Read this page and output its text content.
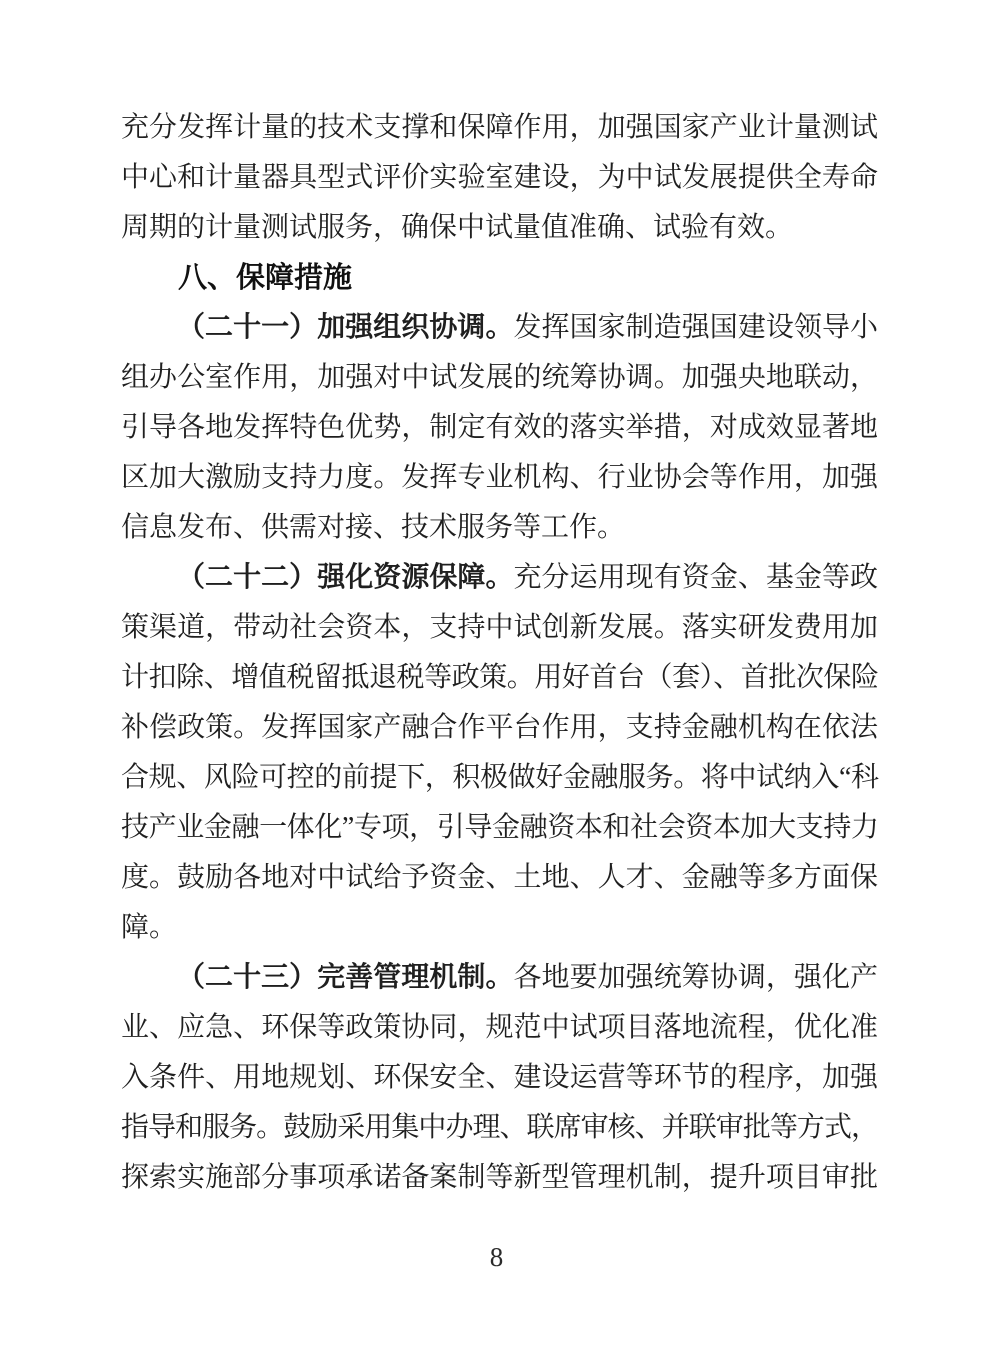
充分发挥计量的技术支撑和保障作用，加强国家产业计量测试
中心和计量器具型式评价实验室建设，为中试发展提供全寿命
周期的计量测试服务，确保中试量值准确、试验有效。
八、保障措施
（二十一）加强组织协调。发挥国家制造强国建设领导小
组办公室作用，加强对中试发展的统筹协调。加强央地联动，
引导各地发挥特色优势，制定有效的落实举措，对成效显著地
区加大激励支持力度。发挥专业机构、行业协会等作用，加强
信息发布、供需对接、技术服务等工作。
（二十二）强化资源保障。充分运用现有资金、基金等政
策渠道，带动社会资本，支持中试创新发展。落实研发费用加
计扣除、增值税留抵退税等政策。用好首台（套）、首批次保险
补偿政策。发挥国家产融合作平台作用，支持金融机构在依法
合规、风险可控的前提下，积极做好金融服务。将中试纳入“科
技产业金融一体化”专项，引导金融资本和社会资本加大支持力
度。鼓励各地对中试给予资金、土地、人才、金融等多方面保
障。
（二十三）完善管理机制。各地要加强统筹协调，强化产
业、应急、环保等政策协同，规范中试项目落地流程，优化准
入条件、用地规划、环保安全、建设运营等环节的程序，加强
指导和服务。鼓励采用集中办理、联席审核、并联审批等方式，
探索实施部分事项承诺备案制等新型管理机制，提升项目审批
8
